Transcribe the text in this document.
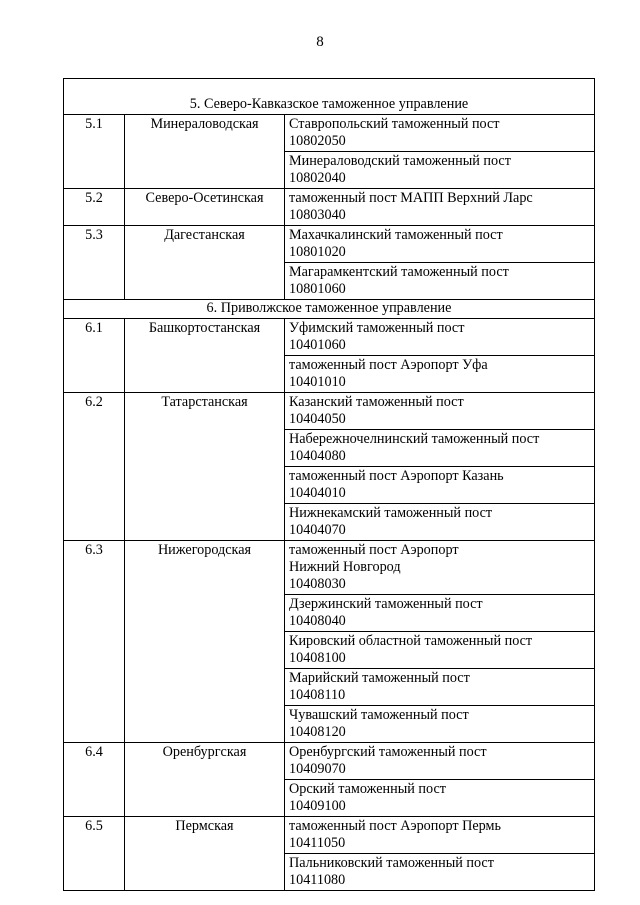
8
5. Северо-Кавказское таможенное управление		
5.1	Минераловодская	Ставропольский таможенный пост
10802050

		Минераловодский таможенный пост
10802040

5.2	Северо-Осетинская	таможенный пост МАПП Верхний Ларс
10803040

5.3	Дагестанская	Махачкалинский таможенный пост
10801020

		Магарамкентский таможенный пост
10801060

6. Приволжское таможенное управление		
6.1	Башкортостанская	Уфимский таможенный пост
10401060

		таможенный пост Аэропорт Уфа
10401010

6.2	Татарстанская	Казанский таможенный пост
10404050

		Набережночелнинский таможенный пост
10404080

		таможенный пост Аэропорт Казань
10404010

		Нижнекамский таможенный пост
10404070

6.3	Нижегородская	таможенный пост Аэропорт
Нижний Новгород
10408030

		Дзержинский таможенный пост
10408040

		Кировский областной таможенный пост
10408100

		Марийский таможенный пост
10408110

		Чувашский таможенный пост
10408120

6.4	Оренбургская	Оренбургский таможенный пост
10409070

		Орский таможенный пост
10409100

6.5	Пермская	таможенный пост Аэропорт Пермь
10411050

		Пальниковский таможенный пост
10411080
